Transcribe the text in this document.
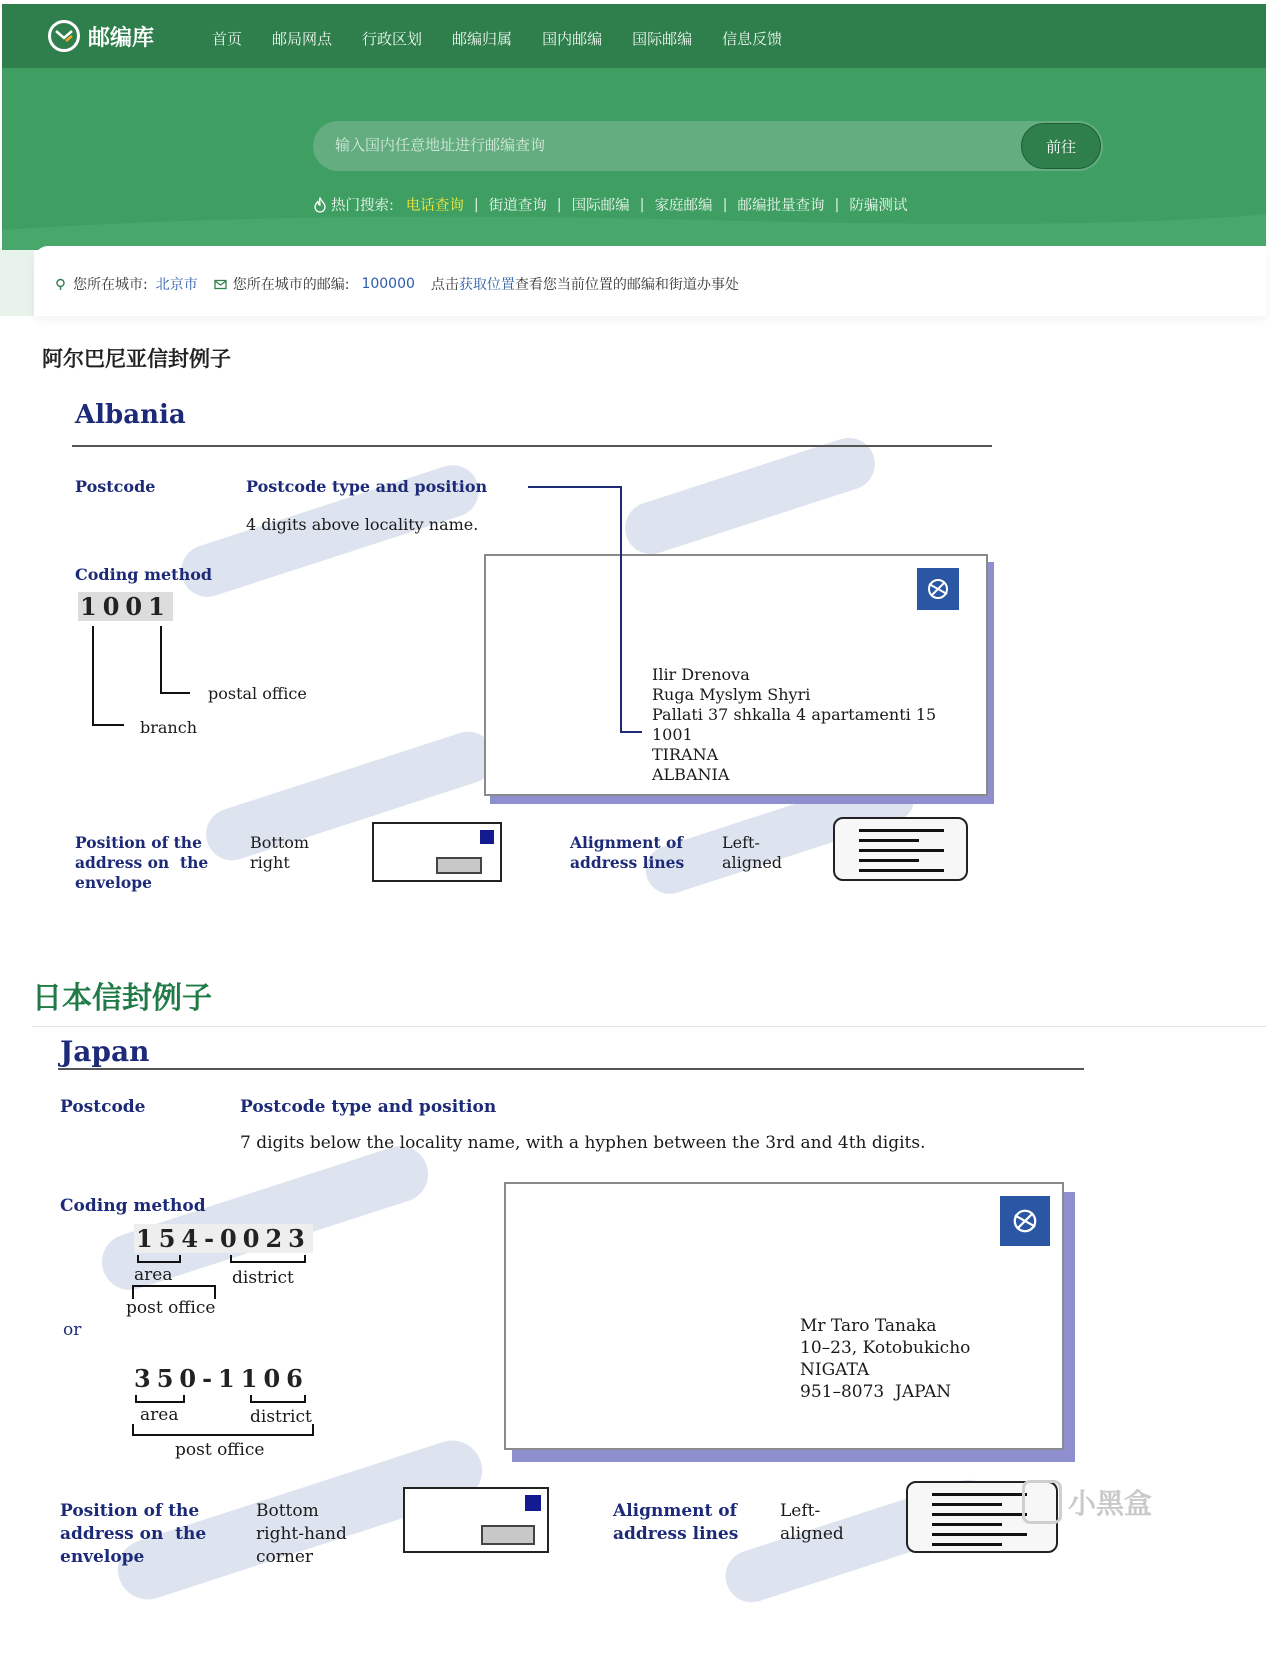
邮编库	首页 邮局网点 行政区划 邮编归属 国内邮编 国际邮编 信息反馈
输入国内任意地址进行邮编查询
前往
热门搜索: 电话查询 | 街道查询 | 国际邮编 | 家庭邮编 | 邮编批量查询 | 防骗测试
您所在城市: 北京市	您所在城市的邮编: 100000 点击 获取位置 查看您当前位置的邮编和街道办事处
阿尔巴尼亚信封例子
Albania
Postcode	Postcode type and position
4 digits above locality name.
Coding method
1001
postal office
branch
Ilir Drenova
Ruga Myslym Shyri
Pallati 37 shkalla 4 apartamenti 15
1001
TIRANA
ALBANIA
Position of the
address on  the
envelope
Bottom
right
Alignment of
address lines
Left-
aligned
日本信封例子
Japan
Postcode	Postcode type and position
7 digits below the locality name, with a hyphen between the 3rd and 4th digits.
Coding method
154-0023
area	district
post office
or
350-1106
area	district
post office
Mr Taro Tanaka
10–23, Kotobukicho
NIGATA
951–8073  JAPAN
Position of the
address on  the
envelope
Bottom
right-hand
corner
Alignment of
address lines
Left-
aligned
小黑盒
